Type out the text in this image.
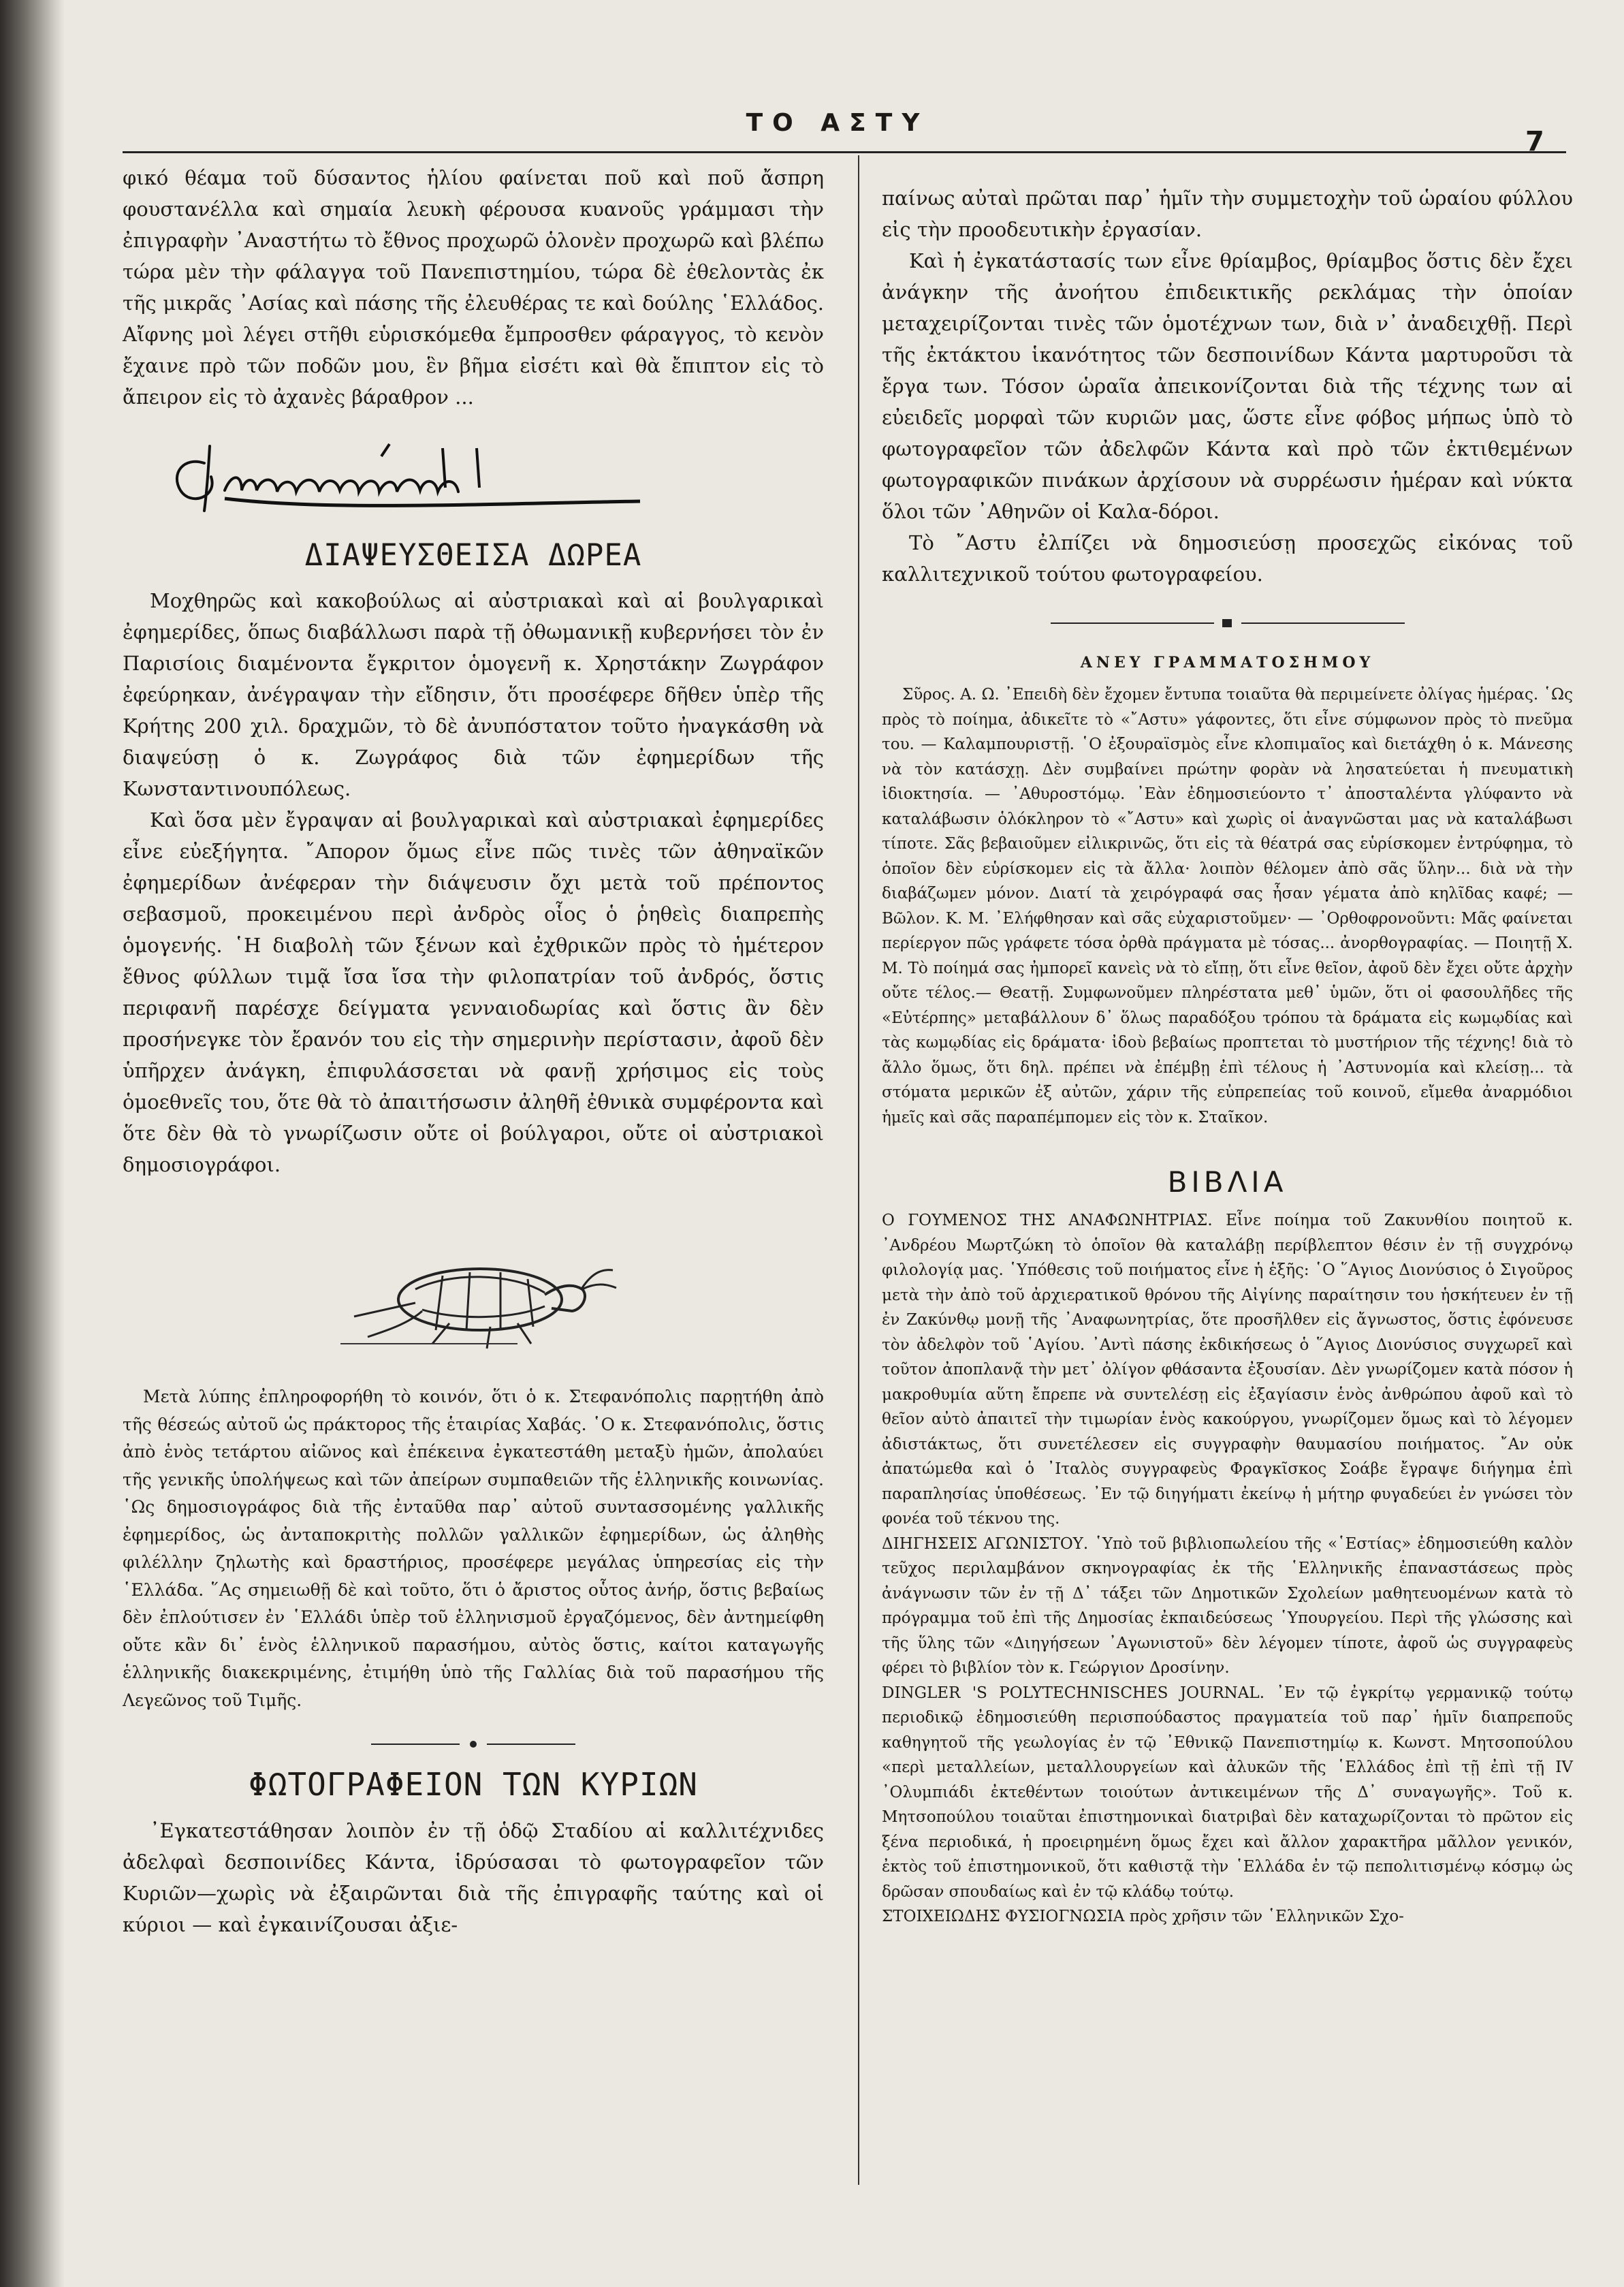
ΤΟ ΑΣΤΥ
7

φικό θέαμα τοῦ δύσαντος ἡλίου φαίνεται ποῦ καὶ ποῦ ἄσπρη φουστανέλλα καὶ σημαία λευκὴ φέρουσα κυανοῦς γράμμασι τὴν ἐπιγραφὴν ᾿Αναστήτω τὸ ἔθνος προχωρῶ ὁλονὲν προχωρῶ καὶ βλέπω τώρα μὲν τὴν φάλαγγα τοῦ Πανεπιστημίου, τώρα δὲ ἐθελοντὰς ἐκ τῆς μικρᾶς ᾿Ασίας καὶ πάσης τῆς ἐλευθέρας τε καὶ δούλης ῾Ελλάδος. Αἴφνης μοὶ λέγει στῆθι εὑρισκόμεθα ἔμπροσθεν φάραγγος, τὸ κενὸν ἔχαινε πρὸ τῶν ποδῶν μου, ἓν βῆμα εἰσέτι καὶ θὰ ἔπιπτον εἰς τὸ ἄπειρον εἰς τὸ ἀχανὲς βάραθρον ...

ΔΙΑΨΕΥΣΘΕΙΣΑ ΔΩΡΕΑ

Μοχθηρῶς καὶ κακοβούλως αἱ αὐστριακαὶ καὶ αἱ βουλγαρικαὶ ἐφημερίδες, ὅπως διαβάλλωσι παρὰ τῇ ὀθωμανικῇ κυβερνήσει τὸν ἐν Παρισίοις διαμένοντα ἔγκριτον ὁμογενῆ κ. Χρηστάκην Ζωγράφον ἐφεύρηκαν, ἀνέγραψαν τὴν εἴδησιν, ὅτι προσέφερε δῆθεν ὑπὲρ τῆς Κρήτης 200 χιλ. δραχμῶν, τὸ δὲ ἀνυπόστατον τοῦτο ἠναγκάσθη νὰ διαψεύσῃ ὁ κ. Ζωγράφος διὰ τῶν ἐφημερίδων τῆς Κωνσταντινουπόλεως.

Καὶ ὅσα μὲν ἔγραψαν αἱ βουλγαρικαὶ καὶ αὐστριακαὶ ἐφημερίδες εἶνε εὐεξήγητα. ῎Απορον ὅμως εἶνε πῶς τινὲς τῶν ἀθηναϊκῶν ἐφημερίδων ἀνέφεραν τὴν διάψευσιν ὄχι μετὰ τοῦ πρέποντος σεβασμοῦ, προκειμένου περὶ ἀνδρὸς οἷος ὁ ῥηθεὶς διαπρεπὴς ὁμογενής. ῾Η διαβολὴ τῶν ξένων καὶ ἐχθρικῶν πρὸς τὸ ἡμέτερον ἔθνος φύλλων τιμᾷ ἴσα ἴσα τὴν φιλοπατρίαν τοῦ ἀνδρός, ὅστις περιφανῆ παρέσχε δείγματα γενναιοδωρίας καὶ ὅστις ἂν δὲν προσήνεγκε τὸν ἔρανόν του εἰς τὴν σημερινὴν περίστασιν, ἀφοῦ δὲν ὑπῆρχεν ἀνάγκη, ἐπιφυλάσσεται νὰ φανῇ χρήσιμος εἰς τοὺς ὁμοεθνεῖς του, ὅτε θὰ τὸ ἀπαιτήσωσιν ἀληθῆ ἐθνικὰ συμφέροντα καὶ ὅτε δὲν θὰ τὸ γνωρίζωσιν οὔτε οἱ βούλγαροι, οὔτε οἱ αὐστριακοὶ δημοσιογράφοι.

Μετὰ λύπης ἐπληροφορήθη τὸ κοινόν, ὅτι ὁ κ. Στεφανόπολις παρῃτήθη ἀπὸ τῆς θέσεώς αὐτοῦ ὡς πράκτορος τῆς ἑταιρίας Χαβάς. ῾Ο κ. Στεφανόπολις, ὅστις ἀπὸ ἑνὸς τετάρτου αἰῶνος καὶ ἐπέκεινα ἐγκατεστάθη μεταξὺ ἡμῶν, ἀπολαύει τῆς γενικῆς ὑπολήψεως καὶ τῶν ἀπείρων συμπαθειῶν τῆς ἑλληνικῆς κοινωνίας. ῾Ως δημοσιογράφος διὰ τῆς ἐνταῦθα παρ᾿ αὐτοῦ συντασσομένης γαλλικῆς ἐφημερίδος, ὡς ἀνταποκριτὴς πολλῶν γαλλικῶν ἐφημερίδων, ὡς ἀληθὴς φιλέλλην ζηλωτὴς καὶ δραστήριος, προσέφερε μεγάλας ὑπηρεσίας εἰς τὴν ῾Ελλάδα. ῞Ας σημειωθῇ δὲ καὶ τοῦτο, ὅτι ὁ ἄριστος οὗτος ἀνήρ, ὅστις βεβαίως δὲν ἐπλούτισεν ἐν ῾Ελλάδι ὑπὲρ τοῦ ἑλληνισμοῦ ἐργαζόμενος, δὲν ἀντημείφθη οὔτε κἂν δι᾿ ἑνὸς ἑλληνικοῦ παρασήμου, αὐτὸς ὅστις, καίτοι καταγωγῆς ἑλληνικῆς διακεκριμένης, ἐτιμήθη ὑπὸ τῆς Γαλλίας διὰ τοῦ παρασήμου τῆς Λεγεῶνος τοῦ Τιμῆς.

ΦΩΤΟΓΡΑΦΕΙΟΝ ΤΩΝ ΚΥΡΙΩΝ

᾿Εγκατεστάθησαν λοιπὸν ἐν τῇ ὁδῷ Σταδίου αἱ καλλιτέχνιδες ἀδελφαὶ δεσποινίδες Κάντα, ἱδρύσασαι τὸ φωτογραφεῖον τῶν Κυριῶν—χωρὶς νὰ ἐξαιρῶνται διὰ τῆς ἐπιγραφῆς ταύτης καὶ οἱ κύριοι — καὶ ἐγκαινίζουσαι ἀξιε-

παίνως αὐταὶ πρῶται παρ᾿ ἡμῖν τὴν συμμετοχὴν τοῦ ὡραίου φύλλου εἰς τὴν προοδευτικὴν ἐργασίαν.

Καὶ ἡ ἐγκατάστασίς των εἶνε θρίαμβος, θρίαμβος ὅστις δὲν ἔχει ἀνάγκην τῆς ἀνοήτου ἐπιδεικτικῆς ρεκλάμας τὴν ὁποίαν μεταχειρίζονται τινὲς τῶν ὁμοτέχνων των, διὰ ν᾿ ἀναδειχθῇ. Περὶ τῆς ἐκτάκτου ἱκανότητος τῶν δεσποινίδων Κάντα μαρτυροῦσι τὰ ἔργα των. Τόσον ὡραῖα ἀπεικονίζονται διὰ τῆς τέχνης των αἱ εὐειδεῖς μορφαὶ τῶν κυριῶν μας, ὥστε εἶνε φόβος μήπως ὑπὸ τὸ φωτογραφεῖον τῶν ἀδελφῶν Κάντα καὶ πρὸ τῶν ἐκτιθεμένων φωτογραφικῶν πινάκων ἀρχίσουν νὰ συρρέωσιν ἡμέραν καὶ νύκτα ὅλοι τῶν ᾿Αθηνῶν οἱ Καλα-δόροι.

Τὸ ῎Αστυ ἐλπίζει νὰ δημοσιεύσῃ προσεχῶς εἰκόνας τοῦ καλλιτεχνικοῦ τούτου φωτογραφείου.

ΑΝΕΥ ΓΡΑΜΜΑΤΟΣΗΜΟΥ

Σῦρος. Α. Ω. ᾿Επειδὴ δὲν ἔχομεν ἔντυπα τοιαῦτα θὰ περιμείνετε ὀλίγας ἡμέρας. ῾Ως πρὸς τὸ ποίημα, ἀδικεῖτε τὸ «῎Αστυ» γάφοντες, ὅτι εἶνε σύμφωνον πρὸς τὸ πνεῦμα του. — Καλαμπουριστῇ. ῾Ο ἐξουραϊσμὸς εἶνε κλοπιμαῖος καὶ διετάχθη ὁ κ. Μάνεσης νὰ τὸν κατάσχῃ. Δὲν συμβαίνει πρώτην φορὰν νὰ λησατεύεται ἡ πνευματικὴ ἰδιοκτησία. — ᾿Αθυροστόμῳ. ᾿Εὰν ἐδημοσιεύοντο τ᾿ ἀποσταλέντα γλύφαντο νὰ καταλάβωσιν ὁλόκληρον τὸ «῎Αστυ» καὶ χωρὶς οἱ ἀναγνῶσται μας νὰ καταλάβωσι τίποτε. Σᾶς βεβαιοῦμεν εἰλικρινῶς, ὅτι εἰς τὰ θέατρά σας εὑρίσκομεν ἐντρύφημα, τὸ ὁποῖον δὲν εὑρίσκομεν εἰς τὰ ἄλλα· λοιπὸν θέλομεν ἀπὸ σᾶς ὕλην... διὰ νὰ τὴν διαβάζωμεν μόνον. Διατί τὰ χειρόγραφά σας ἦσαν γέματα ἀπὸ κηλῖδας καφέ; — Βῶλον. Κ. Μ. ᾿Ελήφθησαν καὶ σᾶς εὐχαριστοῦμεν· — ᾿Ορθοφρονοῦντι: Μᾶς φαίνεται περίεργον πῶς γράφετε τόσα ὀρθὰ πράγματα μὲ τόσας... ἀνορθογραφίας. — Ποιητῇ Χ. Μ. Τὸ ποίημά σας ἠμπορεῖ κανεὶς νὰ τὸ εἴπῃ, ὅτι εἶνε θεῖον, ἀφοῦ δὲν ἔχει οὔτε ἀρχὴν οὔτε τέλος.— Θεατῇ. Συμφωνοῦμεν πληρέστατα μεθ᾿ ὑμῶν, ὅτι οἱ φασουλῆδες τῆς «Εὐτέρπης» μεταβάλλουν δ᾿ ὅλως παραδόξου τρόπου τὰ δράματα εἰς κωμῳδίας καὶ τὰς κωμῳδίας εἰς δράματα· ἰδοὺ βεβαίως προπτεται τὸ μυστήριον τῆς τέχνης! διὰ τὸ ἄλλο ὅμως, ὅτι δηλ. πρέπει νὰ ἐπέμβῃ ἐπὶ τέλους ἡ ᾿Αστυνομία καὶ κλείσῃ... τὰ στόματα μερικῶν ἐξ αὐτῶν, χάριν τῆς εὐπρεπείας τοῦ κοινοῦ, εἴμεθα ἀναρμόδιοι ἡμεῖς καὶ σᾶς παραπέμπομεν εἰς τὸν κ. Σταῖκον.

ΒΙΒΛΙΑ

Ο ΓΟΥΜΕΝΟΣ ΤΗΣ ΑΝΑΦΩΝΗΤΡΙΑΣ. Εἶνε ποίημα τοῦ Ζακυνθίου ποιητοῦ κ. ᾿Ανδρέου Μωρτζώκη τὸ ὁποῖον θὰ καταλάβῃ περίβλεπτον θέσιν ἐν τῇ συγχρόνῳ φιλολογίᾳ μας. ῾Υπόθεσις τοῦ ποιήματος εἶνε ἡ ἑξῆς: ῾Ο ῞Αγιος Διονύσιος ὁ Σιγοῦρος μετὰ τὴν ἀπὸ τοῦ ἀρχιερατικοῦ θρόνου τῆς Αἰγίνης παραίτησιν του ἡσκήτευεν ἐν τῇ ἐν Ζακύνθῳ μονῇ τῆς ᾿Αναφωνητρίας, ὅτε προσῆλθεν εἰς ἄγνωστος, ὅστις ἐφόνευσε τὸν ἀδελφὸν τοῦ ῾Αγίου. ᾿Αντὶ πάσης ἐκδικήσεως ὁ ῞Αγιος Διονύσιος συγχωρεῖ καὶ τοῦτον ἀποπλανᾷ τὴν μετ᾿ ὀλίγον φθάσαντα ἐξουσίαν. Δὲν γνωρίζομεν κατὰ πόσον ἡ μακροθυμία αὕτη ἔπρεπε νὰ συντελέσῃ εἰς ἐξαγίασιν ἑνὸς ἀνθρώπου ἀφοῦ καὶ τὸ θεῖον αὐτὸ ἀπαιτεῖ τὴν τιμωρίαν ἑνὸς κακούργου, γνωρίζομεν ὅμως καὶ τὸ λέγομεν ἀδιστάκτως, ὅτι συνετέλεσεν εἰς συγγραφὴν θαυμασίου ποιήματος. ῎Αν οὐκ ἀπατώμεθα καὶ ὁ ᾿Ιταλὸς συγγραφεὺς Φραγκῖσκος Σοάβε ἔγραψε διήγημα ἐπὶ παραπλησίας ὑποθέσεως. ᾿Εν τῷ διηγήματι ἐκείνῳ ἡ μήτηρ φυγαδεύει ἐν γνώσει τὸν φονέα τοῦ τέκνου της.

ΔΙΗΓΗΣΕΙΣ ΑΓΩΝΙΣΤΟΥ. ῾Υπὸ τοῦ βιβλιοπωλείου τῆς «῾Εστίας» ἐδημοσιεύθη καλὸν τεῦχος περιλαμβάνον σκηνογραφίας ἐκ τῆς ῾Ελληνικῆς ἐπαναστάσεως πρὸς ἀνάγνωσιν τῶν ἐν τῇ Δ᾿ τάξει τῶν Δημοτικῶν Σχολείων μαθητευομένων κατὰ τὸ πρόγραμμα τοῦ ἐπὶ τῆς Δημοσίας ἐκπαιδεύσεως ῾Υπουργείου. Περὶ τῆς γλώσσης καὶ τῆς ὕλης τῶν «Διηγήσεων ᾿Αγωνιστοῦ» δὲν λέγομεν τίποτε, ἀφοῦ ὡς συγγραφεὺς φέρει τὸ βιβλίον τὸν κ. Γεώργιον Δροσίνην.

DINGLER 'S POLYTECHNISCHES JOURNAL. ᾿Εν τῷ ἐγκρίτῳ γερμανικῷ τούτῳ περιοδικῷ ἐδημοσιεύθη περισπούδαστος πραγματεία τοῦ παρ᾿ ἡμῖν διαπρεποῦς καθηγητοῦ τῆς γεωλογίας ἐν τῷ ᾿Εθνικῷ Πανεπιστημίῳ κ. Κωνστ. Μητσοπούλου «περὶ μεταλλείων, μεταλλουργείων καὶ ἀλυκῶν τῆς ῾Ελλάδος ἐπὶ τῇ ἐπὶ τῇ IV ᾿Ολυμπιάδι ἐκτεθέντων τοιούτων ἀντικειμένων τῆς Δ᾿ συναγωγῆς». Τοῦ κ. Μητσοπούλου τοιαῦται ἐπιστημονικαὶ διατριβαὶ δὲν καταχωρίζονται τὸ πρῶτον εἰς ξένα περιοδικά, ἡ προειρημένη ὅμως ἔχει καὶ ἄλλον χαρακτῆρα μᾶλλον γενικόν, ἐκτὸς τοῦ ἐπιστημονικοῦ, ὅτι καθιστᾷ τὴν ῾Ελλάδα ἐν τῷ πεπολιτισμένῳ κόσμῳ ὡς δρῶσαν σπουδαίως καὶ ἐν τῷ κλάδῳ τούτῳ.

ΣΤΟΙΧΕΙΩΔΗΣ ΦΥΣΙΟΓΝΩΣΙΑ πρὸς χρῆσιν τῶν ῾Ελληνικῶν Σχο-
